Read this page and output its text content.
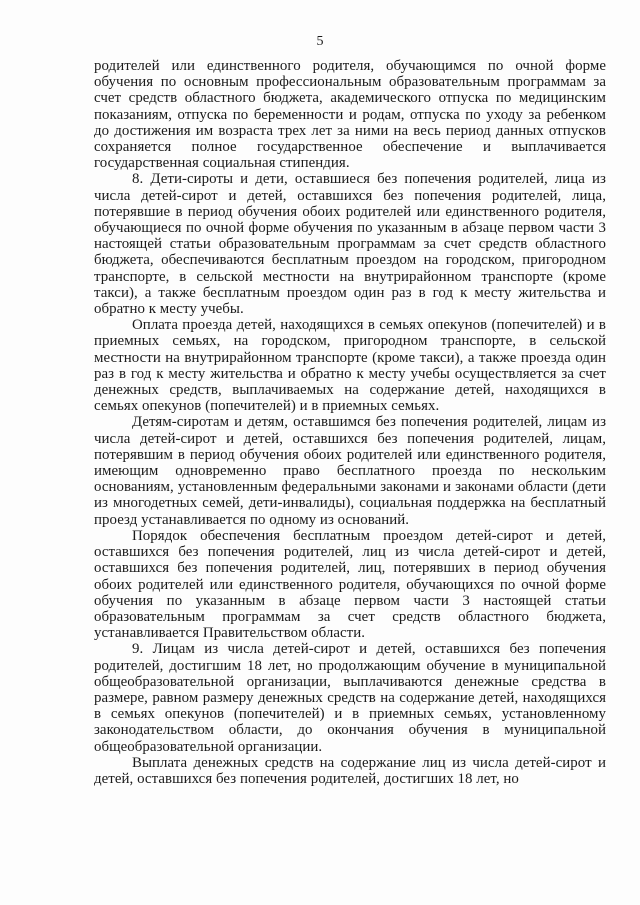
5

родителей или единственного родителя, обучающимся по очной форме обучения по основным профессиональным образовательным программам за счет средств областного бюджета, академического отпуска по медицинским показаниям, отпуска по беременности и родам, отпуска по уходу за ребенком до достижения им возраста трех лет за ними на весь период данных отпусков сохраняется полное государственное обеспечение и выплачивается государственная социальная стипендия.

8. Дети-сироты и дети, оставшиеся без попечения родителей, лица из числа детей-сирот и детей, оставшихся без попечения родителей, лица, потерявшие в период обучения обоих родителей или единственного родителя, обучающиеся по очной форме обучения по указанным в абзаце первом части 3 настоящей статьи образовательным программам за счет средств областного бюджета, обеспечиваются бесплатным проездом на городском, пригородном транспорте, в сельской местности на внутрирайонном транспорте (кроме такси), а также бесплатным проездом один раз в год к месту жительства и обратно к месту учебы.

Оплата проезда детей, находящихся в семьях опекунов (попечителей) и в приемных семьях, на городском, пригородном транспорте, в сельской местности на внутрирайонном транспорте (кроме такси), а также проезда один раз в год к месту жительства и обратно к месту учебы осуществляется за счет денежных средств, выплачиваемых на содержание детей, находящихся в семьях опекунов (попечителей) и в приемных семьях.

Детям-сиротам и детям, оставшимся без попечения родителей, лицам из числа детей-сирот и детей, оставшихся без попечения родителей, лицам, потерявшим в период обучения обоих родителей или единственного родителя, имеющим одновременно право бесплатного проезда по нескольким основаниям, установленным федеральными законами и законами области (дети из многодетных семей, дети-инвалиды), социальная поддержка на бесплатный проезд устанавливается по одному из оснований.

Порядок обеспечения бесплатным проездом детей-сирот и детей, оставшихся без попечения родителей, лиц из числа детей-сирот и детей, оставшихся без попечения родителей, лиц, потерявших в период обучения обоих родителей или единственного родителя, обучающихся по очной форме обучения по указанным в абзаце первом части 3 настоящей статьи образовательным программам за счет средств областного бюджета, устанавливается Правительством области.

9. Лицам из числа детей-сирот и детей, оставшихся без попечения родителей, достигшим 18 лет, но продолжающим обучение в муниципальной общеобразовательной организации, выплачиваются денежные средства в размере, равном размеру денежных средств на содержание детей, находящихся в семьях опекунов (попечителей) и в приемных семьях, установленному законодательством области, до окончания обучения в муниципальной общеобразовательной организации.

Выплата денежных средств на содержание лиц из числа детей-сирот и детей, оставшихся без попечения родителей, достигших 18 лет, но
